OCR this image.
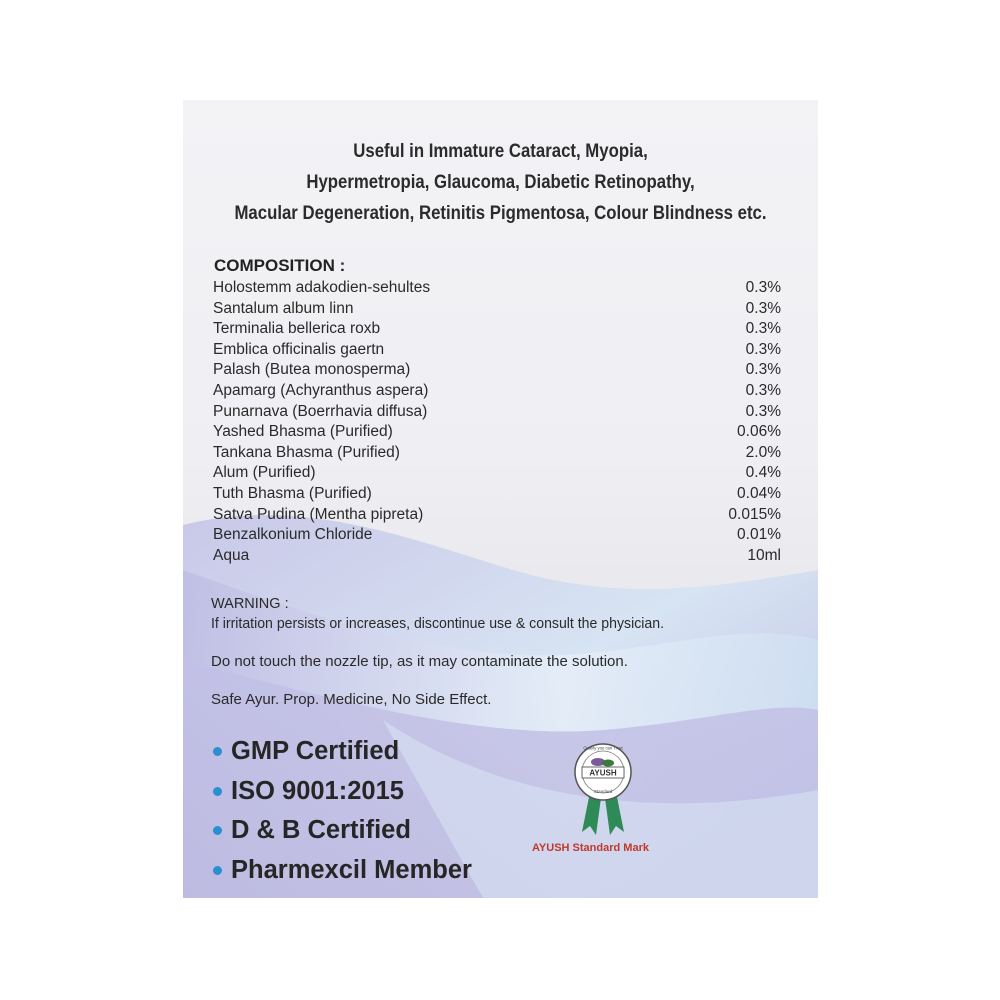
Useful in Immature Cataract, Myopia,
Hypermetropia, Glaucoma, Diabetic Retinopathy,
Macular Degeneration, Retinitis Pigmentosa, Colour Blindness etc.
COMPOSITION :
Holostemm adakodien-sehultes	0.3%
Santalum album linn	0.3%
Terminalia bellerica roxb	0.3%
Emblica officinalis gaertn	0.3%
Palash (Butea monosperma)	0.3%
Apamarg (Achyranthus aspera)	0.3%
Punarnava (Boerrhavia diffusa)	0.3%
Yashed Bhasma (Purified)	0.06%
Tankana Bhasma (Purified)	2.0%
Alum (Purified)	0.4%
Tuth Bhasma (Purified)	0.04%
Satva Pudina (Mentha pipreta)	0.015%
Benzalkonium Chloride	0.01%
Aqua	10ml
WARNING :
If irritation persists or increases, discontinue use & consult the physician.
Do not touch the nozzle tip, as it may contaminate the solution.
Safe Ayur. Prop. Medicine, No Side Effect.
GMP Certified
ISO 9001:2015
D & B Certified
Pharmexcil Member
AYUSH
Quality you can Trust
Standard
AYUSH Standard Mark
